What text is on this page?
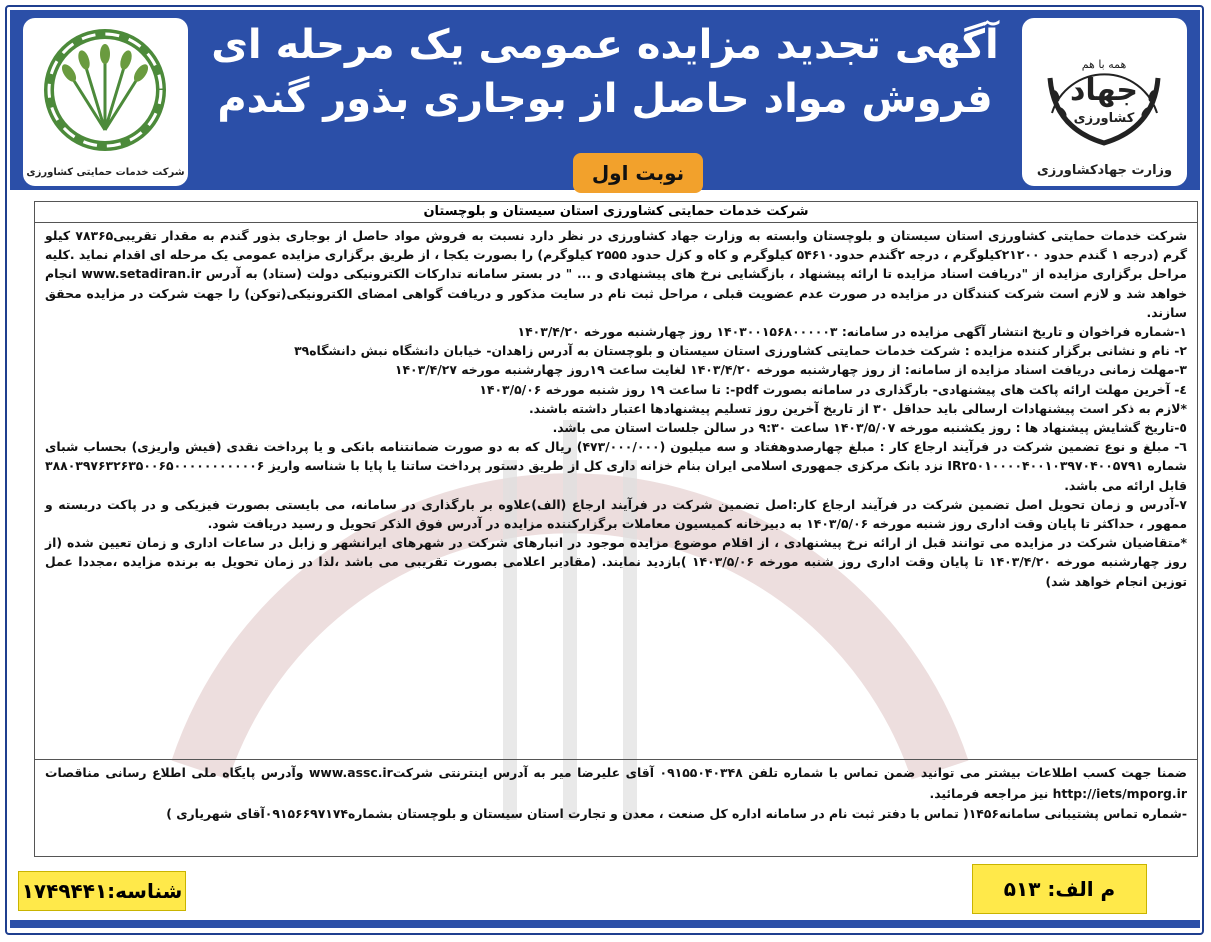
شرکت خدمات حمایتی کشاورزی
آگهی تجدید مزایده عمومی یک مرحله ای
فروش مواد حاصل از بوجاری بذور گندم
نوبت اول
همه با هم
جهاد
کشاورزی
وزارت جهادکشاورزی
شرکت خدمات حمایتی کشاورزی استان سیستان و بلوچستان

شرکت خدمات حمایتی کشاورزی استان سیستان و بلوچستان وابسته به وزارت جهاد کشاورزی در نظر دارد نسبت به فروش مواد حاصل از بوجاری بذور گندم به مقدار تقریبی۷۸۳۶۵ کیلو گرم (درجه ۱ گندم حدود ۲۱۲۰۰کیلوگرم ، درجه ۲گندم حدود۵۴۶۱۰ کیلوگرم و کاه و کزل حدود ۲۵۵۵ کیلوگرم) را بصورت یکجا ، از طریق برگزاری مزایده عمومی یک مرحله ای اقدام نماید .کلیه مراحل برگزاری مزایده از "دریافت اسناد مزایده تا ارائه پیشنهاد ، بازگشایی نرخ های پیشنهادی و ... " در بستر سامانه تدارکات الکترونیکی دولت (ستاد) به آدرس www.setadiran.ir انجام خواهد شد و لازم است شرکت کنندگان در مزایده در صورت عدم عضویت قبلی ، مراحل ثبت نام در سایت مذکور و دریافت گواهی امضای الکترونیکی(توکن) را جهت شرکت در مزایده محقق سازند.

۱-شماره فراخوان و تاریخ انتشار آگهی مزایده در سامانه: ۱۴۰۳۰۰۱۵۶۸۰۰۰۰۰۳ روز چهارشنبه مورخه ۱۴۰۳/۴/۲۰

۲- نام و نشانی برگزار کننده مزایده : شرکت خدمات حمایتی کشاورزی استان سیستان و بلوچستان به آدرس زاهدان- خیابان دانشگاه نبش دانشگاه۳۹

۳-مهلت زمانی دریافت اسناد مزایده از سامانه: از روز چهارشنبه مورخه ۱۴۰۳/۴/۲۰ لغایت ساعت ۱۹روز چهارشنبه مورخه ۱۴۰۳/۴/۲۷

٤- آخرین مهلت ارائه پاکت های پیشنهادی- بارگذاری در سامانه بصورت pdf-: تا ساعت ۱۹ روز شنبه مورخه ۱۴۰۳/۵/۰۶

*لازم به ذکر است پیشنهادات ارسالی باید حداقل ۳۰ از تاریخ آخرین روز تسلیم پیشنهادها اعتبار داشته باشند.

٥-تاریخ گشایش پیشنهاد ها : روز یکشنبه مورخه ۱۴۰۳/۵/۰۷ ساعت ۹:۳۰ در سالن جلسات استان می باشد.

٦- مبلغ و نوع تضمین شرکت در فرآیند ارجاع کار : مبلغ چهارصدوهفتاد و سه میلیون (۴۷۳/۰۰۰/۰۰۰) ریال که به دو صورت ضمانتنامه بانکی و یا پرداخت نقدی (فیش واریزی) بحساب شبای شماره IR۲۵۰۱۰۰۰۰۴۰۰۱۰۳۹۷۰۴۰۰۵۷۹۱ نزد بانک مرکزی جمهوری اسلامی ایران بنام خزانه داری کل از طریق دستور پرداخت ساتنا یا پایا با شناسه واریز ۳۸۸۰۳۹۷۶۳۲۶۳۵۰۰۶۵۰۰۰۰۰۰۰۰۰۰۰۶ قابل ارائه می باشد.

٧-آدرس و زمان تحویل اصل تضمین شرکت در فرآیند ارجاع کار:اصل تضمین شرکت در فرآیند ارجاع (الف)علاوه بر بارگذاری در سامانه، می بایستی بصورت فیزیکی و در پاکت دربسته و ممهور ، حداکثر تا پایان وقت اداری روز شنبه مورخه ۱۴۰۳/۵/۰۶ به دبیرخانه کمیسیون معاملات برگزارکننده مزایده در آدرس فوق الذکر تحویل و رسید دریافت شود.

*متقاضیان شرکت در مزایده می توانند قبل از ارائه نرخ پیشنهادی ، از اقلام موضوع مزایده موجود در انبارهای شرکت در شهرهای ایرانشهر و زابل در ساعات اداری و زمان تعیین شده (از روز چهارشنبه مورخه ۱۴۰۳/۴/۲۰ تا پایان وقت اداری روز شنبه مورخه ۱۴۰۳/۵/۰۶ )بازدید نمایند. (مقادیر اعلامی بصورت تقریبی می باشد ،لذا در زمان تحویل به برنده مزایده ،مجددا عمل توزین انجام خواهد شد)

ضمنا جهت کسب اطلاعات بیشتر می توانید ضمن تماس با شماره تلفن ۰۹۱۵۵۰۴۰۳۴۸ آقای علیرضا میر به آدرس اینترنتی شرکتwww.assc.ir وآدرس پایگاه ملی اطلاع رسانی مناقصات http://iets/mporg.ir نیز مراجعه فرمائید.

-شماره تماس پشتیبانی سامانه۱۴۵۶( تماس با دفتر ثبت نام در سامانه اداره کل صنعت ، معدن و تجارت استان سیستان و بلوچستان بشماره۰۹۱۵۶۶۹۷۱۷۴آقای شهریاری )

شناسه:۱۷۴۹۴۴۱	م الف: ۵۱۳
